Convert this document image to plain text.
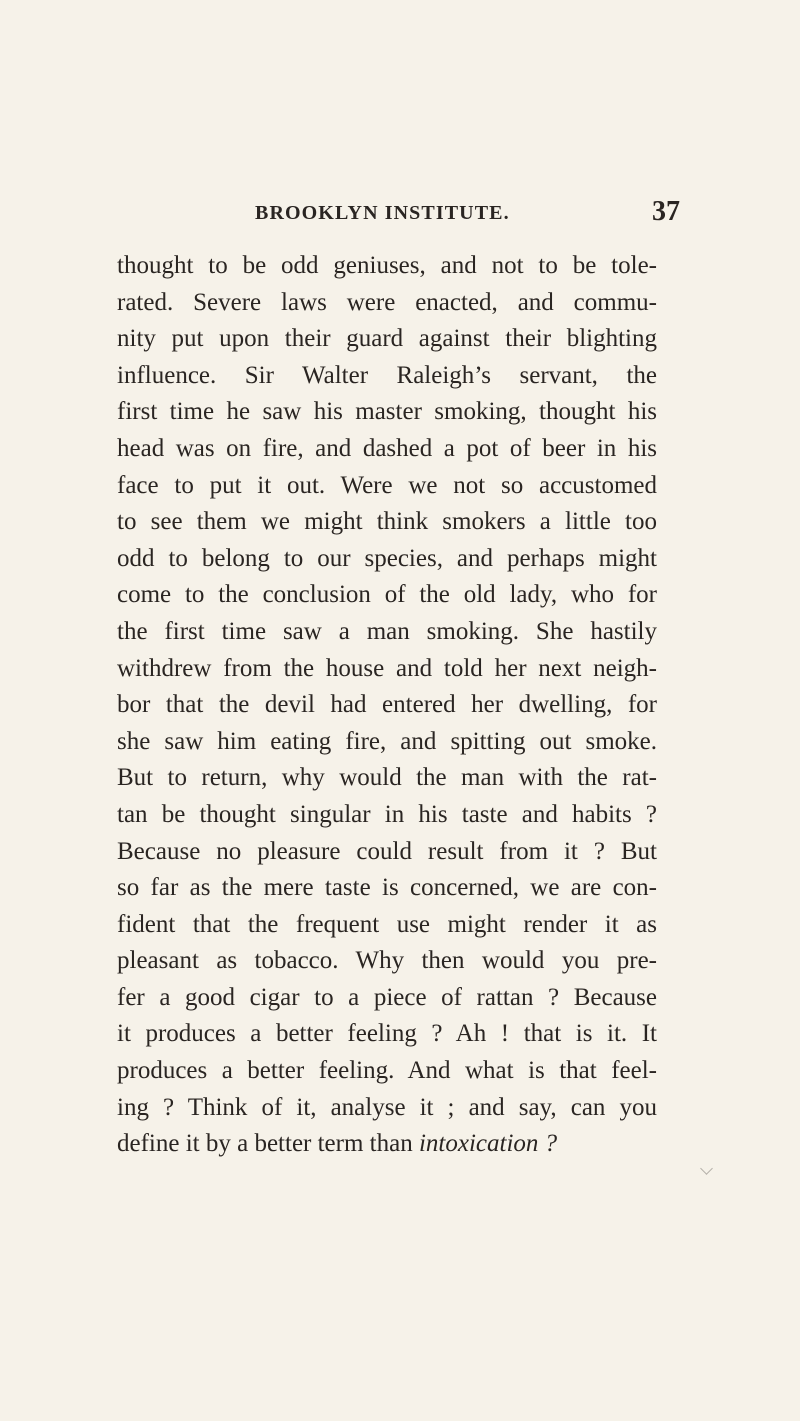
BROOKLYN INSTITUTE.	37
thought to be odd geniuses, and not to be tole-
rated. Severe laws were enacted, and commu-
nity put upon their guard against their blighting
influence. Sir Walter Raleigh’s servant, the
first time he saw his master smoking, thought his
head was on fire, and dashed a pot of beer in his
face to put it out. Were we not so accustomed
to see them we might think smokers a little too
odd to belong to our species, and perhaps might
come to the conclusion of the old lady, who for
the first time saw a man smoking. She hastily
withdrew from the house and told her next neigh-
bor that the devil had entered her dwelling, for
she saw him eating fire, and spitting out smoke.
But to return, why would the man with the rat-
tan be thought singular in his taste and habits ?
Because no pleasure could result from it ? But
so far as the mere taste is concerned, we are con-
fident that the frequent use might render it as
pleasant as tobacco. Why then would you pre-
fer a good cigar to a piece of rattan ? Because
it produces a better feeling ? Ah ! that is it. It
produces a better feeling. And what is that feel-
ing ? Think of it, analyse it ; and say, can you
define it by a better term than intoxication ?
